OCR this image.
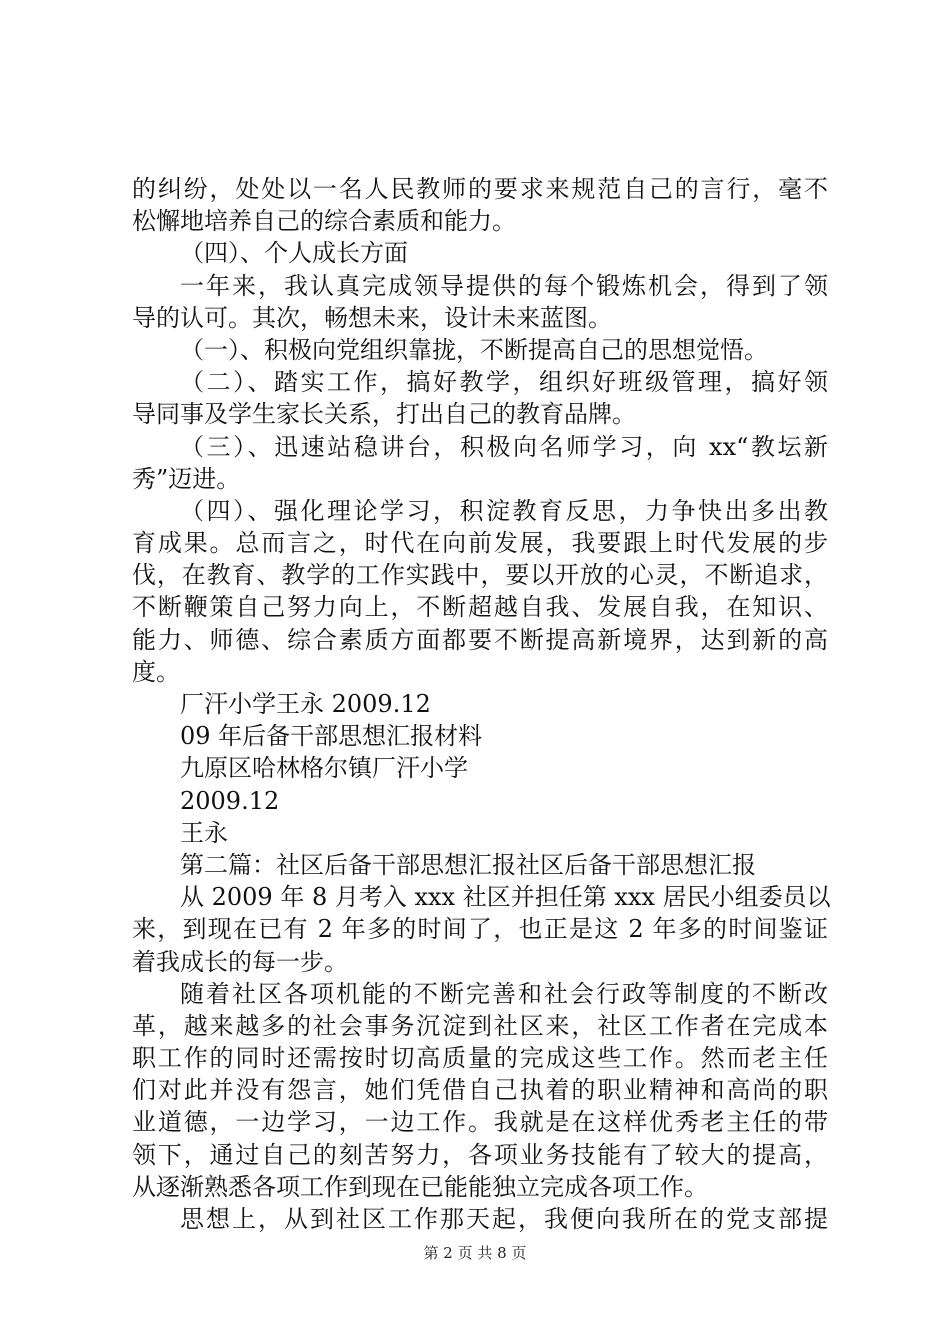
的纠纷，处处以一名人民教师的要求来规范自己的言行，毫不
松懈地培养自己的综合素质和能力。
（四）、个人成长方面
一年来，我认真完成领导提供的每个锻炼机会，得到了领
导的认可。其次，畅想未来，设计未来蓝图。
（一）、积极向党组织靠拢，不断提高自己的思想觉悟。
（二）、踏实工作，搞好教学，组织好班级管理，搞好领
导同事及学生家长关系，打出自己的教育品牌。
（三）、迅速站稳讲台，积极向名师学习，向 xx“教坛新
秀”迈进。
（四）、强化理论学习，积淀教育反思，力争快出多出教
育成果。总而言之，时代在向前发展，我要跟上时代发展的步
伐，在教育、教学的工作实践中，要以开放的心灵，不断追求，
不断鞭策自己努力向上，不断超越自我、发展自我，在知识、
能力、师德、综合素质方面都要不断提高新境界，达到新的高
度。
厂汗小学王永 2009.12
09 年后备干部思想汇报材料
九原区哈林格尔镇厂汗小学
2009.12
王永
第二篇：社区后备干部思想汇报社区后备干部思想汇报
从 2009 年 8 月考入 xxx 社区并担任第 xxx 居民小组委员以
来，到现在已有 2 年多的时间了，也正是这 2 年多的时间鉴证
着我成长的每一步。
随着社区各项机能的不断完善和社会行政等制度的不断改
革，越来越多的社会事务沉淀到社区来，社区工作者在完成本
职工作的同时还需按时切高质量的完成这些工作。然而老主任
们对此并没有怨言，她们凭借自己执着的职业精神和高尚的职
业道德，一边学习，一边工作。我就是在这样优秀老主任的带
领下，通过自己的刻苦努力，各项业务技能有了较大的提高，
从逐渐熟悉各项工作到现在已能能独立完成各项工作。
思想上，从到社区工作那天起，我便向我所在的党支部提
第 2 页 共 8 页
